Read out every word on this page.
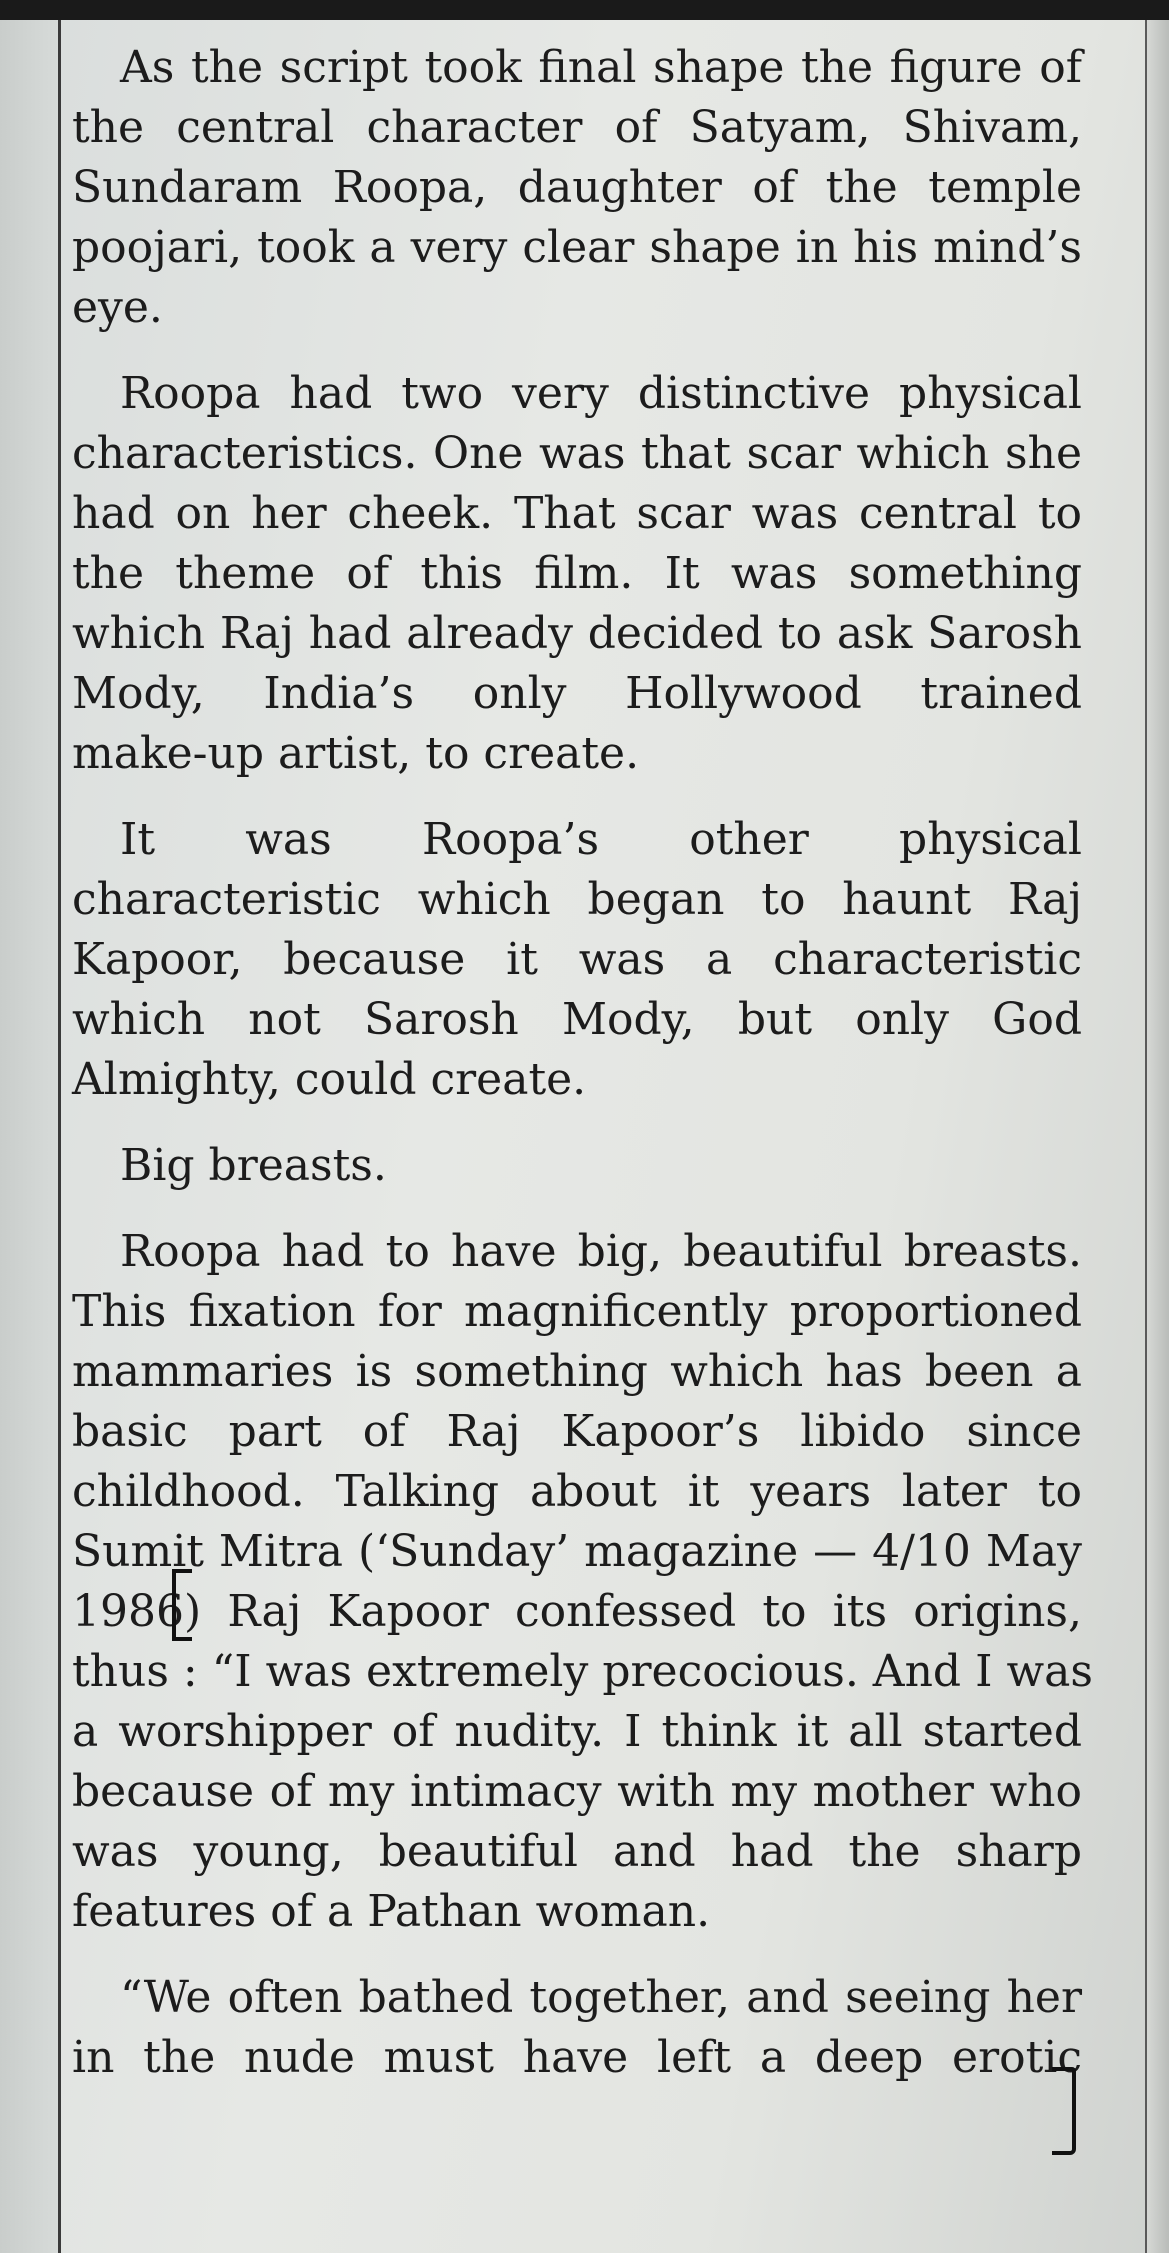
As the script took final shape the figure of
the central character of Satyam, Shivam,
Sundaram Roopa, daughter of the temple
poojari, took a very clear shape in his mind’s
eye.
Roopa had two very distinctive physical
characteristics. One was that scar which she
had on her cheek. That scar was central to
the theme of this film. It was something
which Raj had already decided to ask Sarosh
Mody, India’s only Hollywood trained
make-up artist, to create.
It was Roopa’s other physical
characteristic which began to haunt Raj
Kapoor, because it was a characteristic
which not Sarosh Mody, but only God
Almighty, could create.
Big breasts.
Roopa had to have big, beautiful breasts.
This fixation for magnificently proportioned
mammaries is something which has been a
basic part of Raj Kapoor’s libido since
childhood. Talking about it years later to
Sumit Mitra (‘Sunday’ magazine — 4/10 May
1986) Raj Kapoor confessed to its origins,
thus : “I was extremely precocious. And I was
a worshipper of nudity. I think it all started
because of my intimacy with my mother who
was young, beautiful and had the sharp
features of a Pathan woman.
“We often bathed together, and seeing her
in the nude must have left a deep erotic
